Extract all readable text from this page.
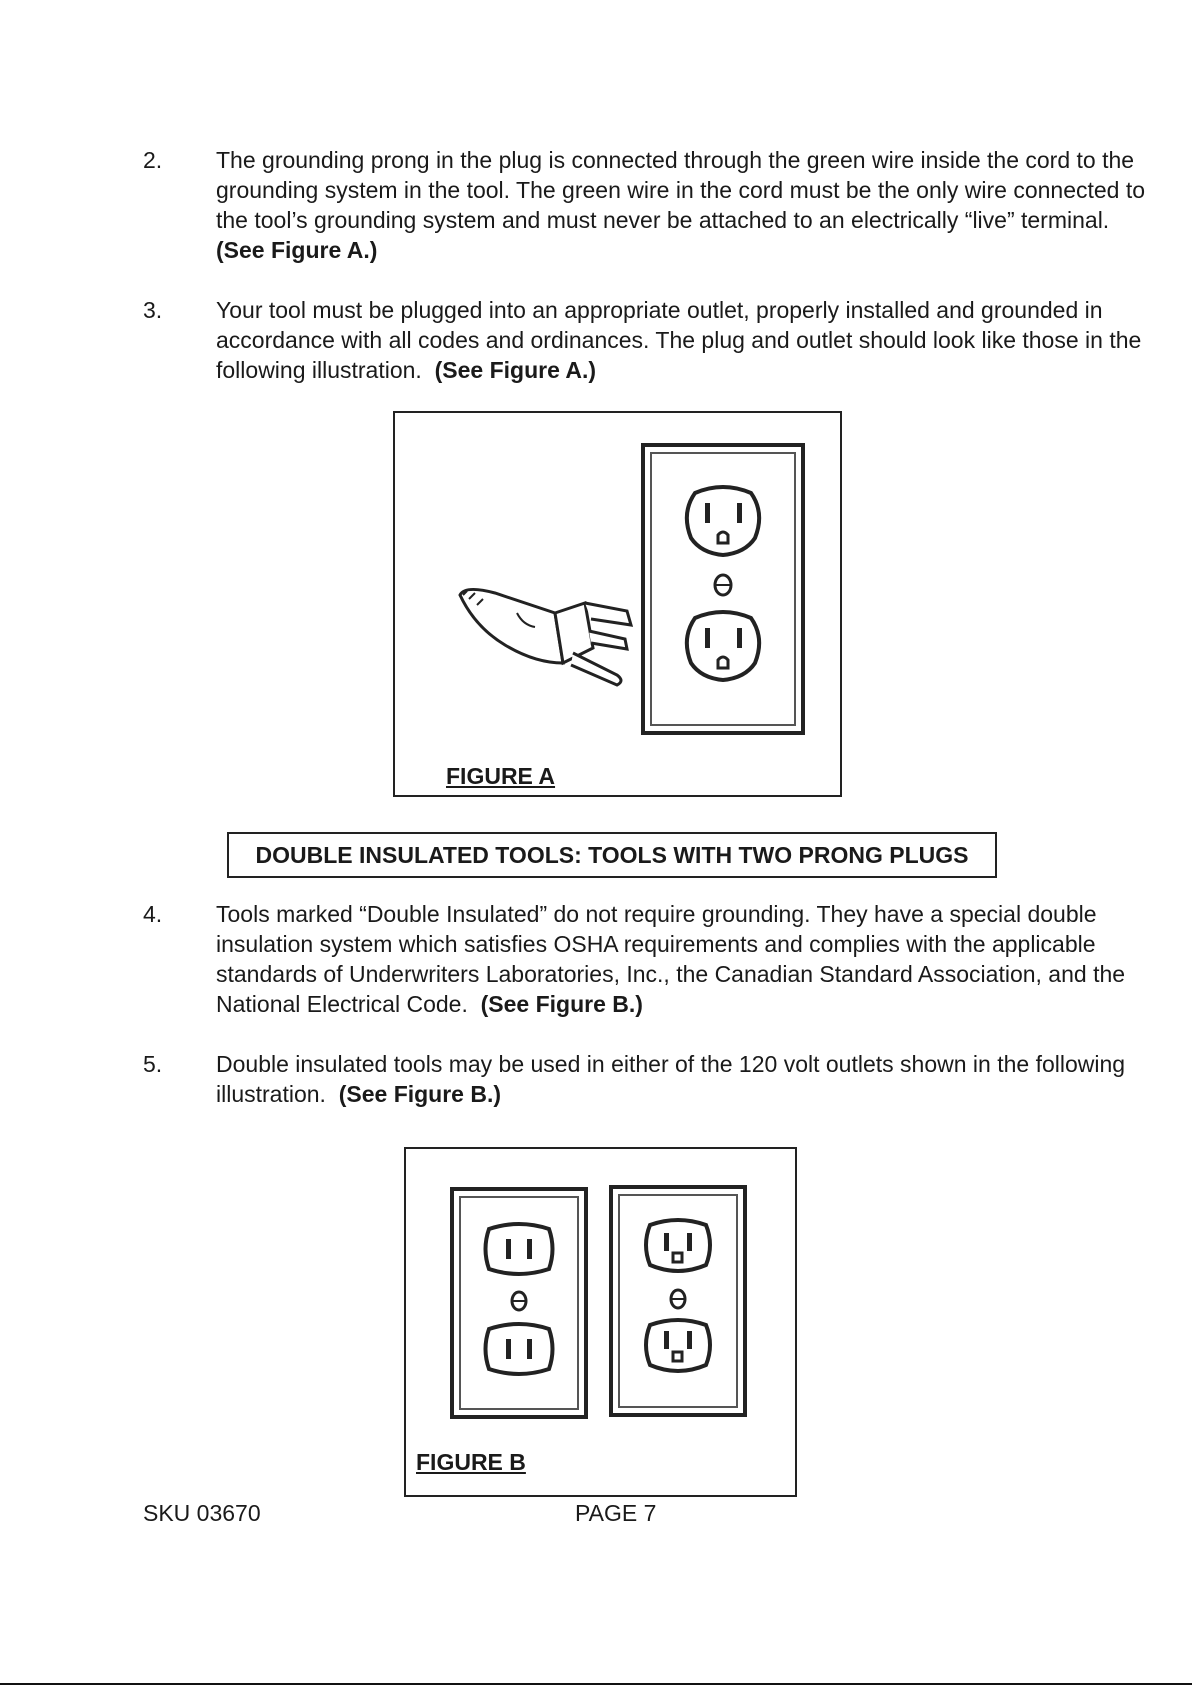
2. The grounding prong in the plug is connected through the green wire inside the cord to the grounding system in the tool. The green wire in the cord must be the only wire connected to the tool’s grounding system and must never be attached to an electrically “live” terminal.  (See Figure A.)
3. Your tool must be plugged into an appropriate outlet, properly installed and grounded in accordance with all codes and ordinances. The plug and outlet should look like those in the following illustration. (See Figure A.)
FIGURE A
DOUBLE INSULATED TOOLS: TOOLS WITH TWO PRONG PLUGS
4. Tools marked “Double Insulated” do not require grounding. They have a special double insulation system which satisfies OSHA requirements and complies with the applicable standards of Underwriters Laboratories, Inc., the Canadian Standard Association, and the National Electrical Code. (See Figure B.)
5. Double insulated tools may be used in either of the 120 volt outlets shown in the following illustration. (See Figure B.)
FIGURE B
SKU 03670	PAGE 7
